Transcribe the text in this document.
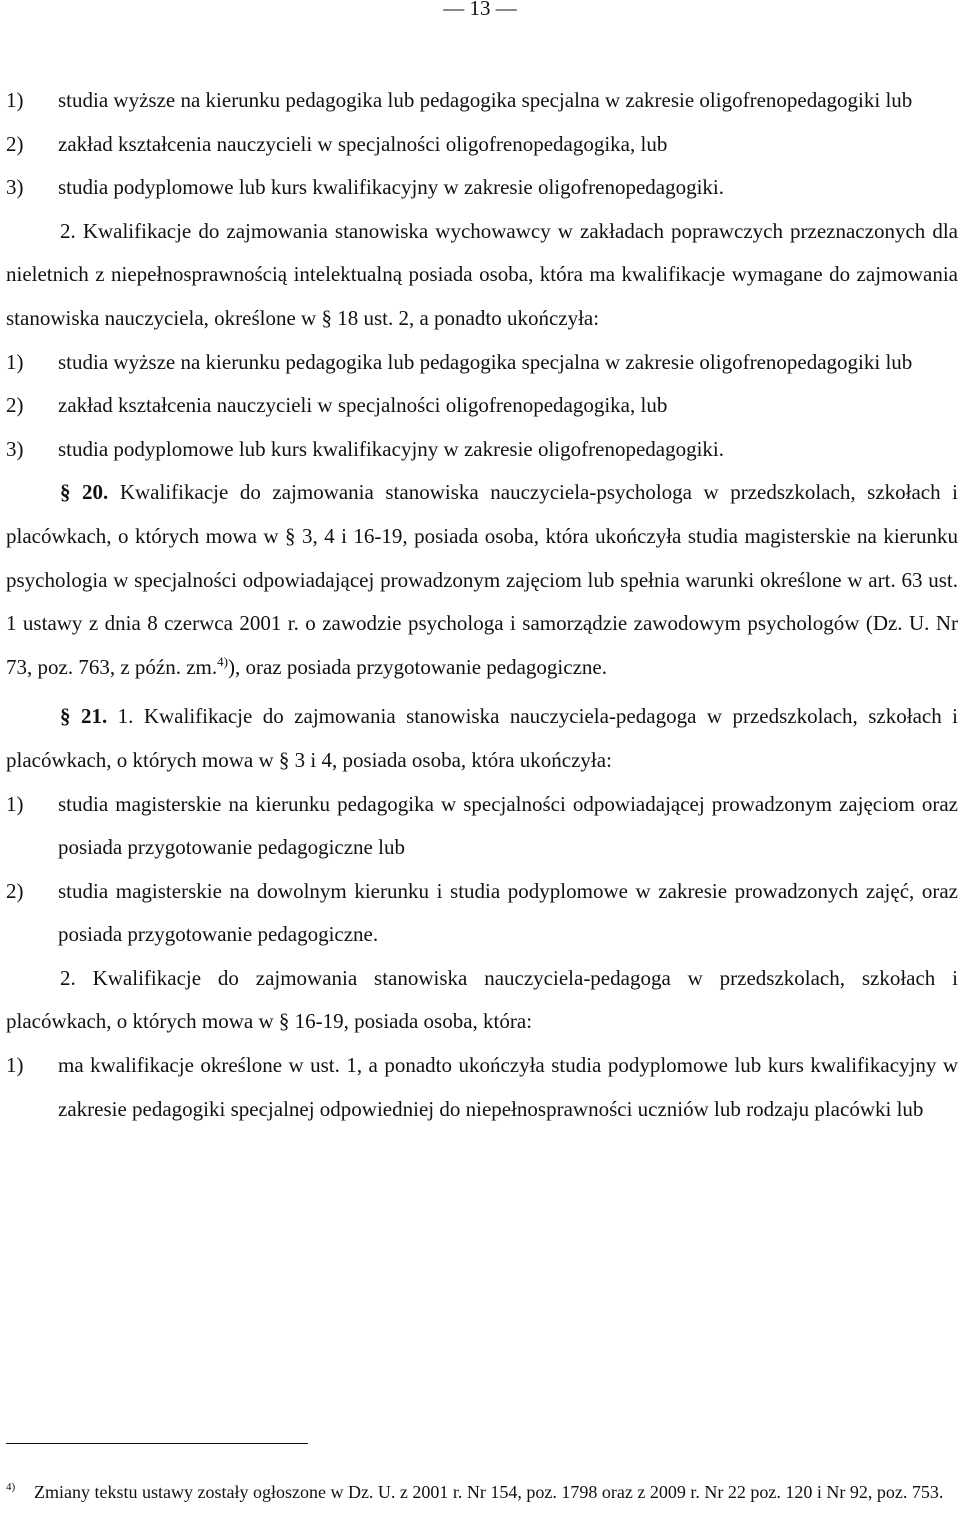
— 13 —
1)	studia wyższe na kierunku pedagogika lub pedagogika specjalna w zakresie oligofrenopedagogiki lub
2)	zakład kształcenia nauczycieli w specjalności oligofrenopedagogika, lub
3)	studia podyplomowe lub kurs kwalifikacyjny w zakresie oligofrenopedagogiki.

2. Kwalifikacje do zajmowania stanowiska wychowawcy w zakładach poprawczych przeznaczonych dla nieletnich z niepełnosprawnością intelektualną posiada osoba, która ma kwalifikacje wymagane do zajmowania stanowiska nauczyciela, określone w § 18 ust. 2, a ponadto ukończyła:

1)	studia wyższe na kierunku pedagogika lub pedagogika specjalna w zakresie oligofrenopedagogiki lub
2)	zakład kształcenia nauczycieli w specjalności oligofrenopedagogika, lub
3)	studia podyplomowe lub kurs kwalifikacyjny w zakresie oligofrenopedagogiki.

§ 20. Kwalifikacje do zajmowania stanowiska nauczyciela-psychologa w przedszkolach, szkołach i placówkach, o których mowa w § 3, 4 i 16-19, posiada osoba, która ukończyła studia magisterskie na kierunku psychologia w specjalności odpowiadającej prowadzonym zajęciom lub spełnia warunki określone w art. 63 ust. 1 ustawy z dnia 8 czerwca 2001 r. o zawodzie psychologa i samorządzie zawodowym psychologów (Dz. U. Nr 73, poz. 763, z późn. zm.$^{4)}$), oraz posiada przygotowanie pedagogiczne.

§ 21. 1. Kwalifikacje do zajmowania stanowiska nauczyciela-pedagoga w przedszkolach, szkołach i placówkach, o których mowa w § 3 i 4, posiada osoba, która ukończyła:

1)	studia magisterskie na kierunku pedagogika w specjalności odpowiadającej prowadzonym zajęciom oraz posiada przygotowanie pedagogiczne lub
2)	studia magisterskie na dowolnym kierunku i studia podyplomowe w zakresie prowadzonych zajęć, oraz posiada przygotowanie pedagogiczne.

2. Kwalifikacje do zajmowania stanowiska nauczyciela-pedagoga w przedszkolach, szkołach i placówkach, o których mowa w § 16-19, posiada osoba, która:

1)	ma kwalifikacje określone w ust. 1, a ponadto ukończyła studia podyplomowe lub kurs kwalifikacyjny w zakresie pedagogiki specjalnej odpowiedniej do niepełnosprawności uczniów lub rodzaju placówki lub
4)	Zmiany tekstu ustawy zostały ogłoszone w Dz. U. z 2001 r. Nr 154, poz. 1798 oraz z 2009 r. Nr 22 poz. 120 i Nr 92, poz. 753.
